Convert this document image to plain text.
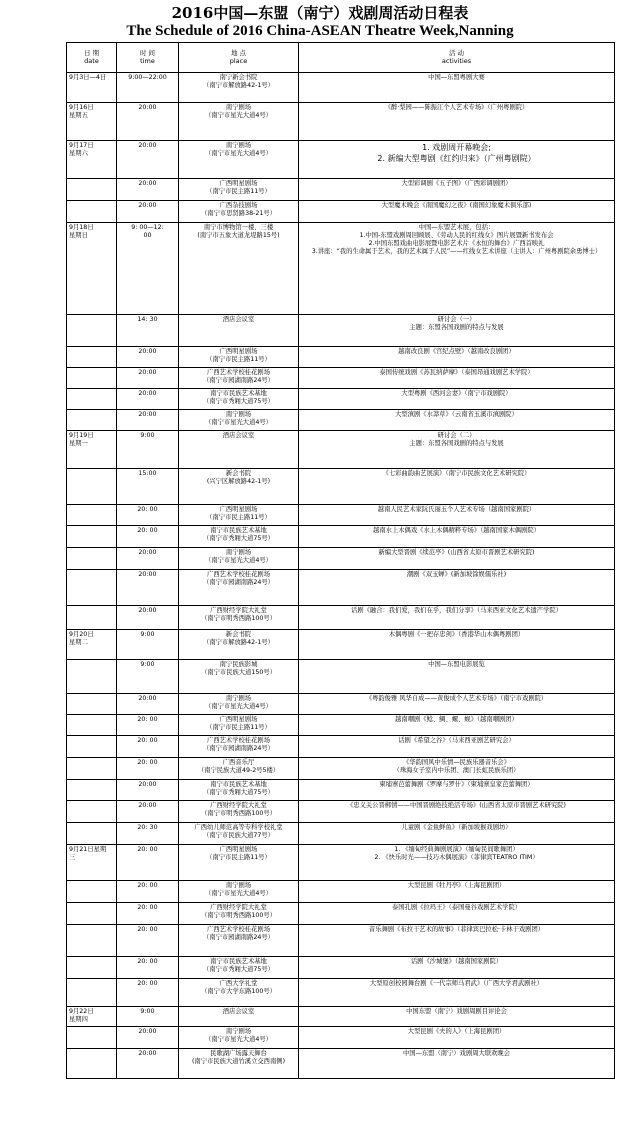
2016中国—东盟（南宁）戏剧周活动日程表
The Schedule of 2016 China-ASEAN Theatre Week,Nanning
日 期
date	时 间
time	地 点
place	活 动
activities

9月3日—4日	9:00—22:00	南宁新会书院
（南宁市解放路42-1号）	中国—东盟粤剧大赛

9月16日
星期五	20:00	南宁剧场
（南宁市星光大道4号）	《醉·梨园——陈振江个人艺术专场》（广州粤剧院）

9月17日
星期六	20:00	南宁剧场
（南宁市星光大道4号）	1. 戏剧周开幕晚会;
2. 新编大型粤剧《红约归来》（广州粤剧院）

	20:00	广西明星剧场
（南宁市民主路11号）	大型彩调剧《五子图》（广西彩调剧团）

	20:00	广西杂技剧场
（南宁市思贤路38-21号）	大型魔术晚会《南国魔幻之夜》(南国幻象魔术俱乐部)

9月18日
星期日	9: 00—12:
00	南宁市博物馆一楼、三楼
(南宁市五象大道龙堤路15号)	中国—东盟艺术展，包括：
1.中国-东盟戏剧周回顾展、《劳动人民的红线女》图片展暨新书发布会
2.中国东盟戏曲电影展暨电影艺术片《永恒的舞台》广西首映礼
3.讲座：“我的生命属于艺术，我的艺术属于人民”——红线女艺术讲座（主讲人：广州粤剧院余勇博士）

	14: 30	酒店会议室	研讨会（一）
主题：东盟各国戏剧的特点与发展

	20:00	广西明星剧场
（南宁市民主路11号）	越南改良剧《宫纪点壁》（越南改良剧团）

	20:00	广西艺术学校桂花剧场
（南宁市园湖南路24号）	泰国传统戏剧《苏瓦纳萨摩》（泰国昂通戏剧艺术学院）

	20:00	南宁市民族艺术基地
（南宁市秀厢大道75号）	大型粤剧《西河会妻》（南宁市戏剧院）

	20:00	南宁剧场
（南宁市星光大道4号）	大型滇剧《水莽草》（云南省玉溪市滇剧院）

9月19日
星期一	9:00	酒店会议室	研讨会（二）
主题：东盟各国戏剧的特点与发展

	15:00	新会书院
(兴宁区解放路42-1号)	《七彩曲韵曲艺展演》（南宁市民族文化艺术研究院）

	20: 00	广西明星剧场
（南宁市民主路11号）	越南人民艺术家阮氏丽玉个人艺术专场（越南国家剧院）

	20: 00	南宁市民族艺术基地
（南宁市秀厢大道75号）	越南水上木偶戏《水上木偶精粹专场》（越南国家木偶剧院）

	20:00	南宁剧场
（南宁市星光大道4号）	新编大型晋剧《续范亭》(山西省太原市晋剧艺术研究院)

	20:00	广西艺术学校桂花剧场
（南宁市园湖南路24号）	潮剧《双玉蝉》(新加坡馀娱儒乐社)

	20:00	广西财经学院大礼堂
（南宁市明秀西路100号）	话剧《融合：我们爱，我们在乎，我们分享》（马来西亚文化艺术遗产学院）

9月20日
星期二	9:00	新会书院
（南宁市解放路42-1号）	木偶粤剧《一把存忠剑》（香港华山木偶粤剧团）

	9:00	南宁民族影城
（南宁市民族大道150号）	中国—东盟电影展览

	20:00	南宁剧场
（南宁市星光大道4号）	《粤韵俊雅 风华自成——黄俊成个人艺术专场》（南宁市戏剧院）

	20: 00	广西明星剧场
（南宁市民主路11号）	越南嘲剧《鲶、鲷、螺、蚬》（越南嘲剧团）

	20: 00	广西艺术学校桂花剧场
（南宁市园湖南路24号）	话剧《希望之谷》（马来西亚剧艺研究会）

	20: 00	广西音乐厅
（南宁民族大道49-2号5楼）	《华韵国风中乐情—民族乐器音乐会》
（珠海女子室内中乐团、澳门长虹民族乐团）

	20:00	南宁市民族艺术基地
（南宁市秀厢大道75号）	柬埔寨芭蕾舞剧《罗摩与罗什》（柬埔寨皇家芭蕾舞团）

	20:00	广西财经学院大礼堂
（南宁市明秀西路100号）	《忠义关公晋梆情——中国晋剧绝技绝活专场》(山西省太原市晋剧艺术研究院)

	20: 30	广西幼儿师范高等专科学校礼堂
（南宁市民族大道77号）	儿童剧《金鱼鲜鱼》（新加坡猴戏剧坊）

9月21日星期
三	20: 00	广西明星剧场
（南宁市民主路11号）	1. 《缅甸经典舞剧展演》（缅甸民间歌舞团）
2. 《快乐时光——技巧木偶展演》（菲律宾TEATRO ITIM）

	20: 00	南宁剧场
（南宁市星光大道4号）	大型昆剧《牡丹亭》（上海昆剧团）

	20: 00	广西财经学院大礼堂
（南宁市明秀西路100号）	泰国孔剧《拉玛王》（泰国曼谷戏剧艺术学院）

	20: 00	广西艺术学校桂花剧场
（南宁市园湖南路24号）	音乐舞剧《布拉干艺术的故事》（菲律宾巴拉松·卡林干戏剧团）

	20: 00	南宁市民族艺术基地
（南宁市秀厢大道75号）	话剧《沙城堡》（越南国家剧院）

	20: 00	广西大学礼堂
（南宁市大学东路100号）	大型原创校园舞台剧《一代宗师马君武》（广西大学君武剧社）

9月22日
星期四	9:00	酒店会议室	中国东盟（南宁）戏剧周剧目评论会

	20:00	南宁剧场
（南宁市星光大道4号）	大型昆剧《夫的人》（上海昆剧团）

	20:00	民歌湖广场露天舞台
(南宁市民族大道竹溪立交西南侧)	中国—东盟（南宁）戏剧周大联欢晚会
